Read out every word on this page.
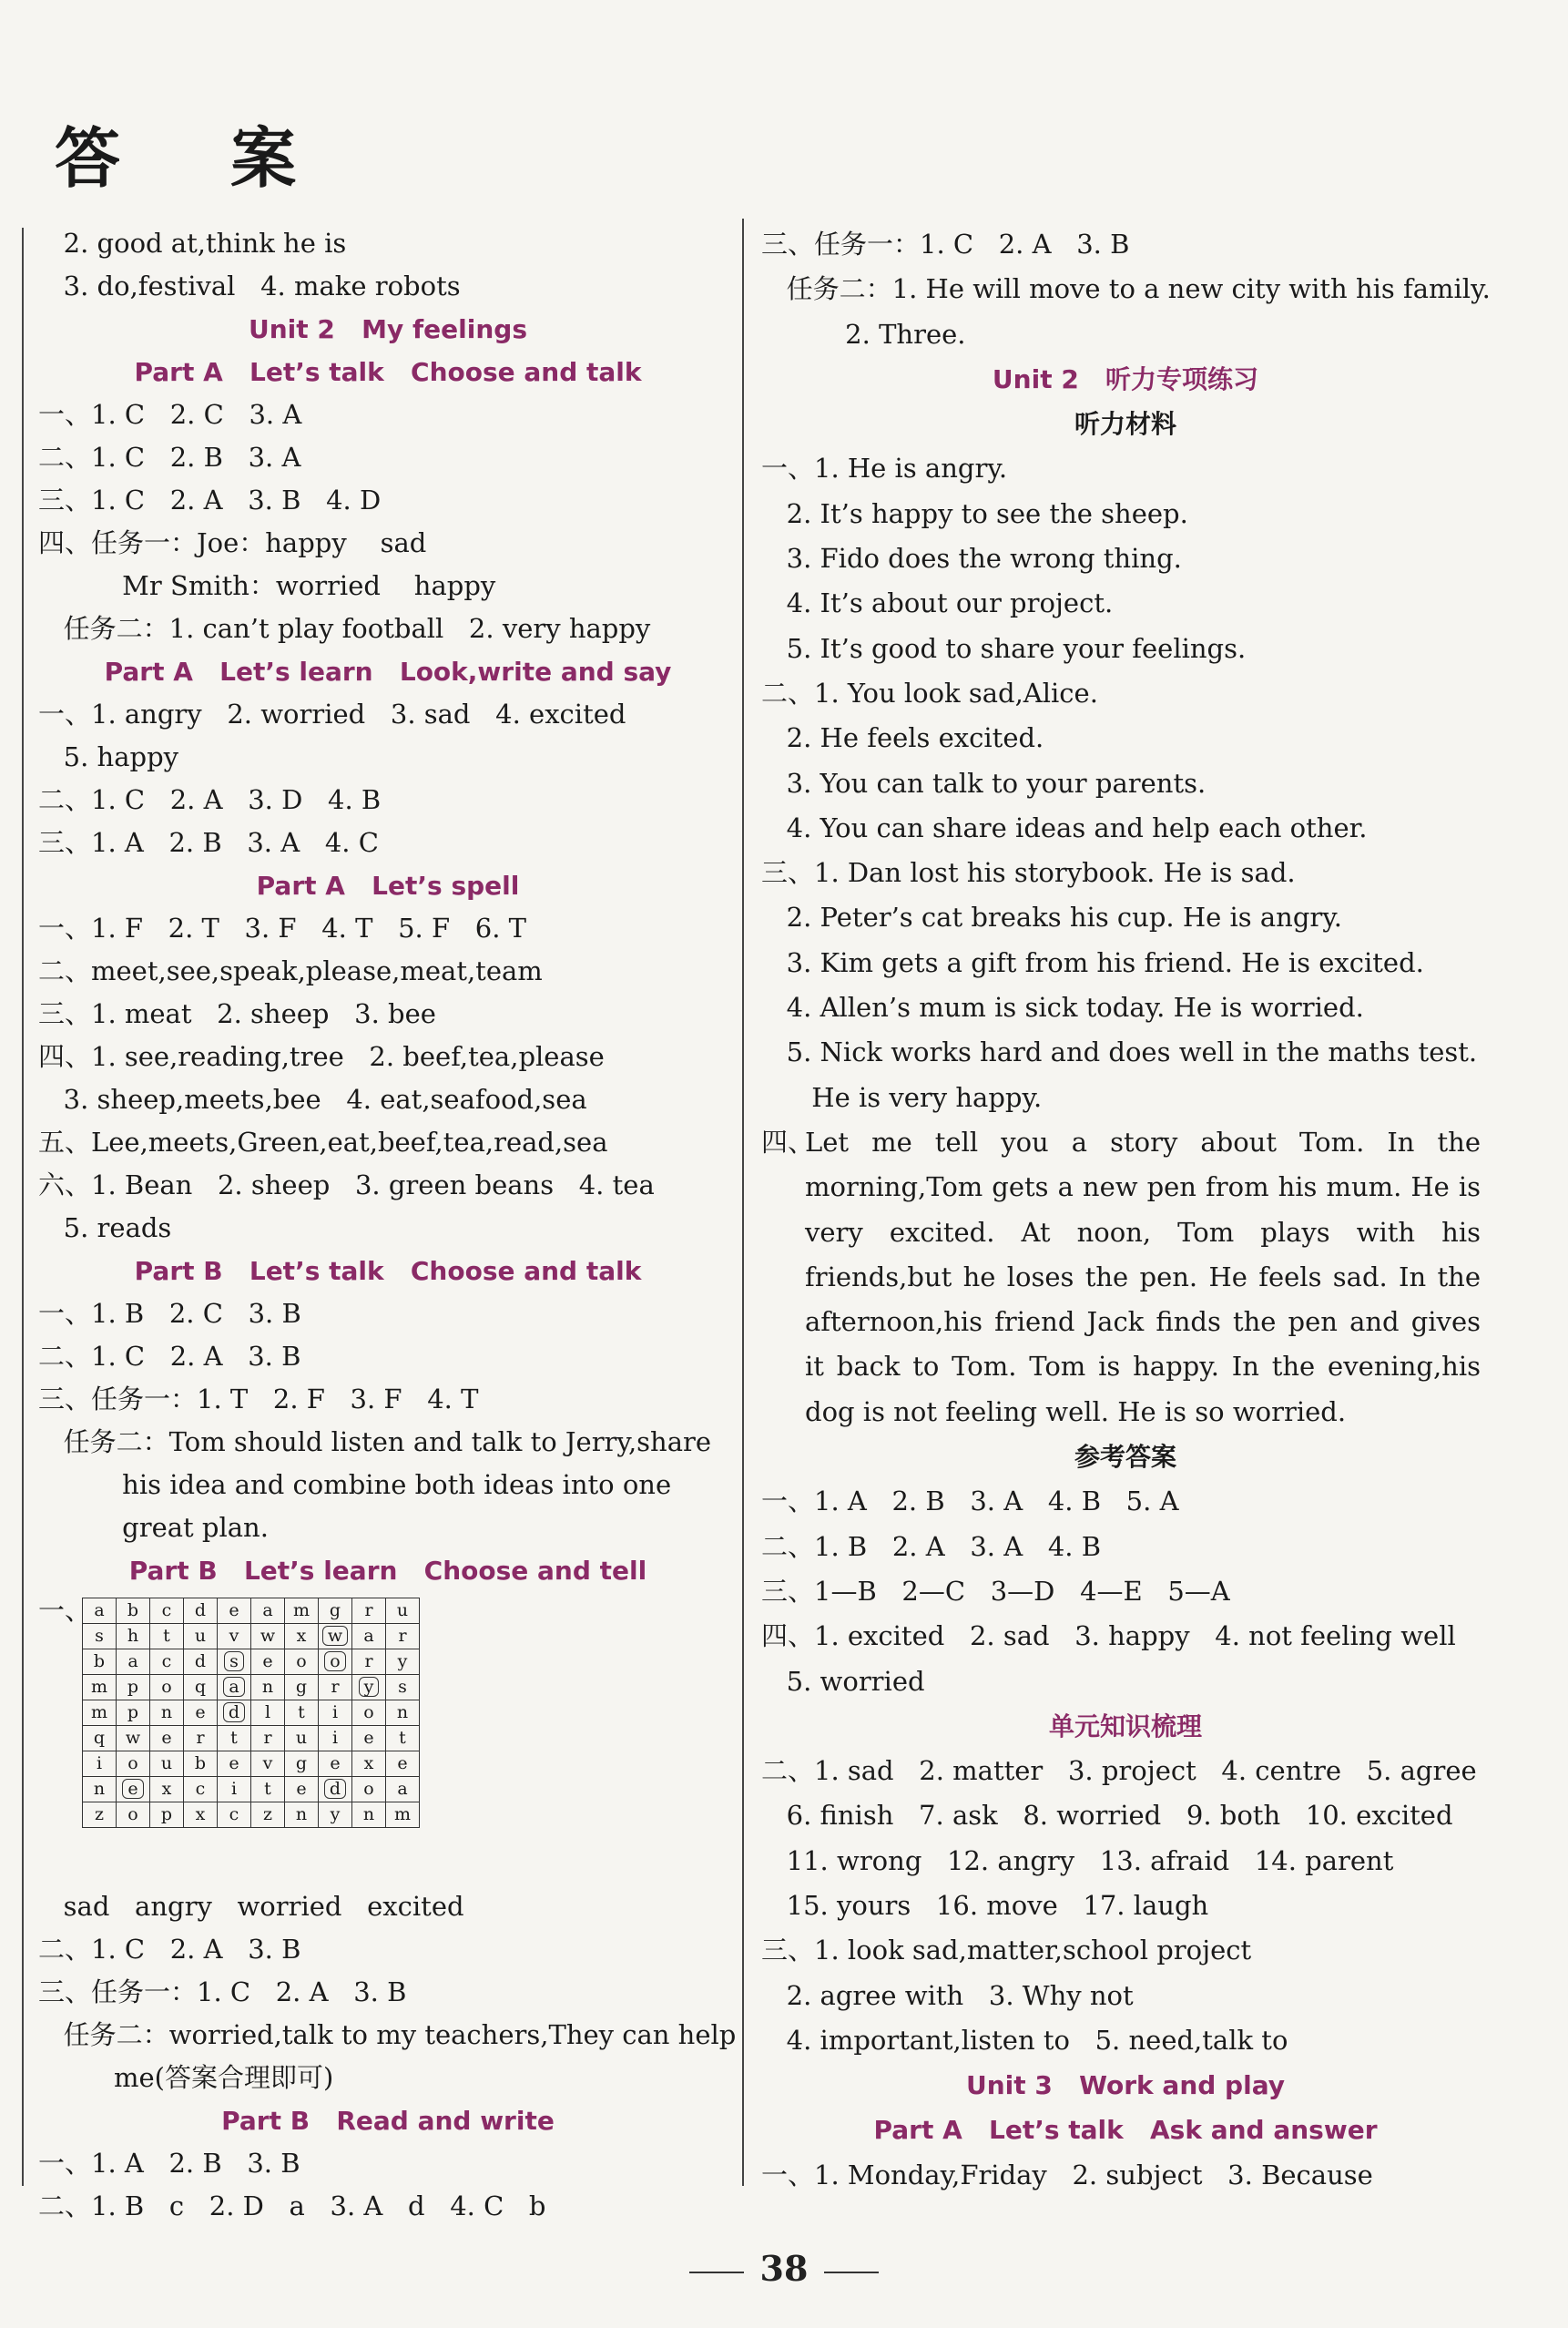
答 案
2. good at,think he is
3. do,festival   4. make robots
Unit 2   My feelings
Part A   Let’s talk   Choose and talk
一、1. C   2. C   3. A
二、1. C   2. B   3. A
三、1. C   2. A   3. B   4. D
四、任务一：Joe：happy    sad
Mr Smith：worried    happy
任务二：1. can’t play football   2. very happy
Part A   Let’s learn   Look,write and say
一、1. angry   2. worried   3. sad   4. excited
5. happy
二、1. C   2. A   3. D   4. B
三、1. A   2. B   3. A   4. C
Part A   Let’s spell
一、1. F   2. T   3. F   4. T   5. F   6. T
二、meet,see,speak,please,meat,team
三、1. meat   2. sheep   3. bee
四、1. see,reading,tree   2. beef,tea,please
3. sheep,meets,bee   4. eat,seafood,sea
五、Lee,meets,Green,eat,beef,tea,read,sea
六、1. Bean   2. sheep   3. green beans   4. tea
5. reads
Part B   Let’s talk   Choose and talk
一、1. B   2. C   3. B
二、1. C   2. A   3. B
三、任务一：1. T   2. F   3. F   4. T
任务二：Tom should listen and talk to Jerry,share
his idea and combine both ideas into one
great plan.
Part B   Let’s learn   Choose and tell
一、 a	b	c	d	e	a	m	g	r	u
s	h	t	u	v	w	x	w	a	r
b	a	c	d	s	e	o	o	r	y
m	p	o	q	a	n	g	r	y	s
m	p	n	e	d	l	t	i	o	n
q	w	e	r	t	r	u	i	e	t
i	o	u	b	e	v	g	e	x	e
n	e	x	c	i	t	e	d	o	a
z	o	p	x	c	z	n	y	n	m
sad   angry   worried   excited
二、1. C   2. A   3. B
三、任务一：1. C   2. A   3. B
任务二：worried,talk to my teachers,They can help
me(答案合理即可)
Part B   Read and write
一、1. A   2. B   3. B
二、1. B   c   2. D   a   3. A   d   4. C   b
三、任务一：1. C   2. A   3. B
任务二：1. He will move to a new city with his family.
2. Three.
Unit 2   听力专项练习
听力材料
一、1. He is angry.
2. It’s happy to see the sheep.
3. Fido does the wrong thing.
4. It’s about our project.
5. It’s good to share your feelings.
二、1. You look sad,Alice.
2. He feels excited.
3. You can talk to your parents.
4. You can share ideas and help each other.
三、1. Dan lost his storybook. He is sad.
2. Peter’s cat breaks his cup. He is angry.
3. Kim gets a gift from his friend. He is excited.
4. Allen’s mum is sick today. He is worried.
5. Nick works hard and does well in the maths test.
He is very happy.
四、
Let me tell you a story about Tom. In the morning,Tom gets a new pen from his mum. He is very excited. At noon, Tom plays with his friends,but he loses the pen. He feels sad. In the afternoon,his friend Jack finds the pen and gives it back to Tom. Tom is happy. In the evening,his dog is not feeling well. He is so worried.
参考答案
一、1. A   2. B   3. A   4. B   5. A
二、1. B   2. A   3. A   4. B
三、1—B   2—C   3—D   4—E   5—A
四、1. excited   2. sad   3. happy   4. not feeling well
5. worried
单元知识梳理
二、1. sad   2. matter   3. project   4. centre   5. agree
6. finish   7. ask   8. worried   9. both   10. excited
11. wrong   12. angry   13. afraid   14. parent
15. yours   16. move   17. laugh
三、1. look sad,matter,school project
2. agree with   3. Why not
4. important,listen to   5. need,talk to
Unit 3   Work and play
Part A   Let’s talk   Ask and answer
一、1. Monday,Friday   2. subject   3. Because
38
